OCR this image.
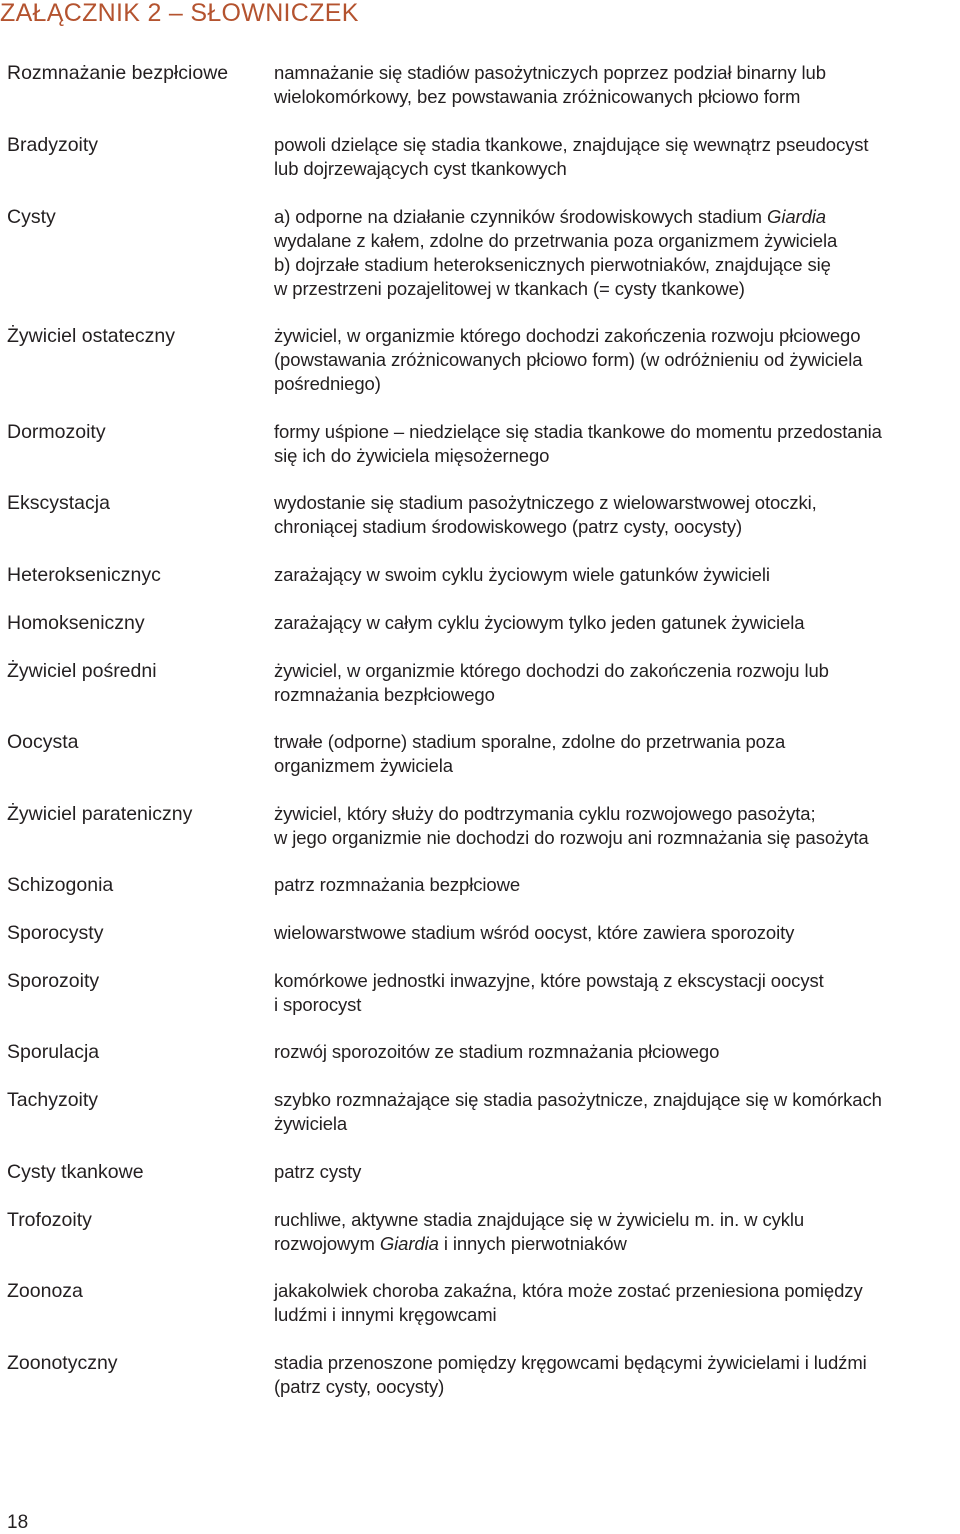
ZAŁĄCZNIK 2 – SŁOWNICZEK
Rozmnażanie bezpłciowe	namnażanie się stadiów pasożytniczych poprzez podział binarny lub
wielokomórkowy, bez powstawania zróżnicowanych płciowo form
Bradyzoity	powoli dzielące się stadia tkankowe, znajdujące się wewnątrz pseudocyst
lub dojrzewających cyst tkankowych
Cysty	a) odporne na działanie czynników środowiskowych stadium Giardia
wydalane z kałem, zdolne do przetrwania poza organizmem żywiciela
b) dojrzałe stadium heteroksenicznych pierwotniaków, znajdujące się
w przestrzeni pozajelitowej w tkankach (= cysty tkankowe)
Żywiciel ostateczny	żywiciel, w organizmie którego dochodzi zakończenia rozwoju płciowego
(powstawania zróżnicowanych płciowo form) (w odróżnieniu od żywiciela
pośredniego)
Dormozoity	formy uśpione – niedzielące się stadia tkankowe do momentu przedostania
się ich do żywiciela mięsożernego
Ekscystacja	wydostanie się stadium pasożytniczego z wielowarstwowej otoczki,
chroniącej stadium środowiskowego (patrz cysty, oocysty)
Heteroksenicznyc	zarażający w swoim cyklu życiowym wiele gatunków żywicieli
Homokseniczny	zarażający w całym cyklu życiowym tylko jeden gatunek żywiciela
Żywiciel pośredni	żywiciel, w organizmie którego dochodzi do zakończenia rozwoju lub
rozmnażania bezpłciowego
Oocysta	trwałe (odporne) stadium sporalne, zdolne do przetrwania poza
organizmem żywiciela
Żywiciel parateniczny	żywiciel, który służy do podtrzymania cyklu rozwojowego pasożyta;
w jego organizmie nie dochodzi do rozwoju ani rozmnażania się pasożyta
Schizogonia	patrz rozmnażania bezpłciowe
Sporocysty	wielowarstwowe stadium wśród oocyst, które zawiera sporozoity
Sporozoity	komórkowe jednostki inwazyjne, które powstają z ekscystacji oocyst
i sporocyst
Sporulacja	rozwój sporozoitów ze stadium rozmnażania płciowego
Tachyzoity	szybko rozmnażające się stadia pasożytnicze, znajdujące się w komórkach
żywiciela
Cysty tkankowe	patrz cysty
Trofozoity	ruchliwe, aktywne stadia znajdujące się w żywicielu m. in. w cyklu
rozwojowym Giardia i innych pierwotniaków
Zoonoza	jakakolwiek choroba zakaźna, która może zostać przeniesiona pomiędzy
ludźmi i innymi kręgowcami
Zoonotyczny	stadia przenoszone pomiędzy kręgowcami będącymi żywicielami i ludźmi
(patrz cysty, oocysty)
18
